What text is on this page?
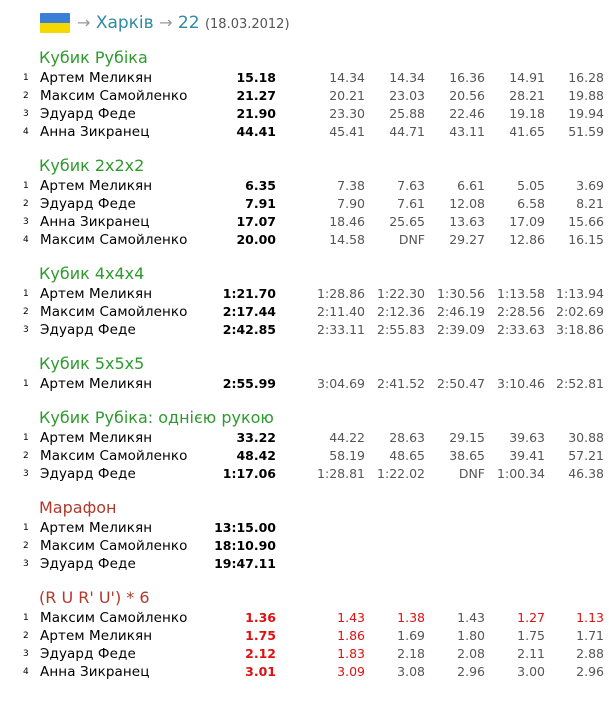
→ Харків → 22 (18.03.2012)
Кубик Рубіка
1 Артем Меликян	15.18	14.34	14.34	16.36	14.91	16.28
2 Максим Самойленко	21.27	20.21	23.03	20.56	28.21	19.88
3 Эдуард Феде	21.90	23.30	25.88	22.46	19.18	19.94
4 Анна Зикранец	44.41	45.41	44.71	43.11	41.65	51.59
Кубик 2x2x2
1 Артем Меликян	6.35	7.38	7.63	6.61	5.05	3.69
2 Эдуард Феде	7.91	7.90	7.61	12.08	6.58	8.21
3 Анна Зикранец	17.07	18.46	25.65	13.63	17.09	15.66
4 Максим Самойленко	20.00	14.58	DNF	29.27	12.86	16.15
Кубик 4x4x4
1 Артем Меликян	1:21.70	1:28.86 1:22.30 1:30.56 1:13.58 1:13.94
2 Максим Самойленко	2:17.44	2:11.40 2:12.36 2:46.19 2:28.56 2:02.69
3 Эдуард Феде	2:42.85	2:33.11 2:55.83 2:39.09 2:33.63 3:18.86
Кубик 5x5x5
1 Артем Меликян	2:55.99	3:04.69 2:41.52 2:50.47 3:10.46 2:52.81
Кубик Рубіка: однією рукою
1 Артем Меликян	33.22	44.22	28.63	29.15	39.63	30.88
2 Максим Самойленко	48.42	58.19	48.65	38.65	39.41	57.21
3 Эдуард Феде	1:17.06	1:28.81 1:22.02	DNF 1:00.34	46.38
Марафон
1 Артем Меликян	13:15.00
2 Максим Самойленко	18:10.90
3 Эдуард Феде	19:47.11
(R U R' U') * 6
1 Максим Самойленко	1.36	1.43	1.38	1.43	1.27	1.13
2 Артем Меликян	1.75	1.86	1.69	1.80	1.75	1.71
3 Эдуард Феде	2.12	1.83	2.18	2.08	2.11	2.88
4 Анна Зикранец	3.01	3.09	3.08	2.96	3.00	2.96
